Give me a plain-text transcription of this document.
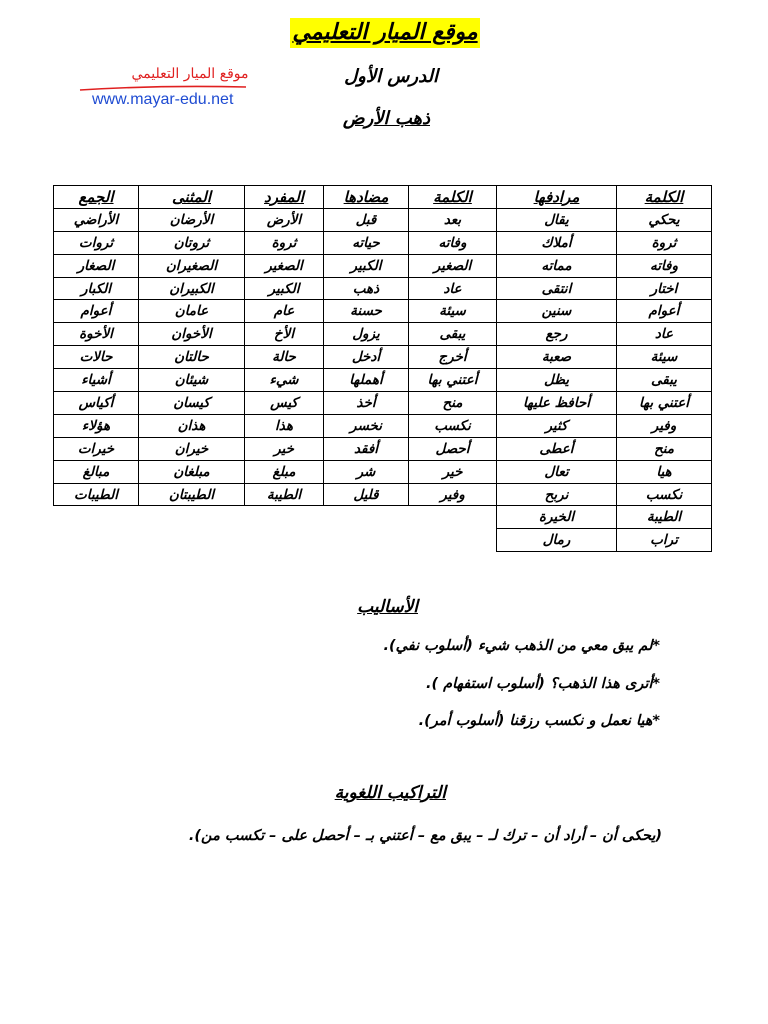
موقع الميار التعليمي
موقع الميار التعليمي
www.mayar-edu.net
الدرس الأول
ذهب الأرض
الكلمة	مرادفها	الكلمة	مضادها	المفرد	المثنى	الجمع
يحكي	يقال	بعد	قبل	الأرض	الأرضان	الأراضي
ثروة	أملاك	وفاته	حياته	ثروة	ثروتان	ثروات
وفاته	مماته	الصغير	الكبير	الصغير	الصغيران	الصغار
اختار	انتقى	عاد	ذهب	الكبير	الكبيران	الكبار
أعوام	سنين	سيئة	حسنة	عام	عامان	أعوام
عاد	رجع	يبقى	يزول	الأخ	الأخوان	الأخوة
سيئة	صعبة	أخرج	أدخل	حالة	حالتان	حالات
يبقى	يظل	أعتني بها	أهملها	شيء	شيئان	أشياء
أعتني بها	أحافظ عليها	منح	أخذ	كيس	كيسان	أكياس
وفير	كثير	نكسب	نخسر	هذا	هذان	هؤلاء
منح	أعطى	أحصل	أفقد	خير	خيران	خيرات
هيا	تعال	خير	شر	مبلغ	مبلغان	مبالغ
نكسب	نربح	وفير	قليل	الطيبة	الطيبتان	الطيبات
الطيبة	الخيرة					
تراب	رمال					
الأساليب
*لم يبق معي من الذهب شيء (أسلوب نفي).
*أترى هذا الذهب؟ (أسلوب استفهام ).
*هيا نعمل و نكسب رزقنا (أسلوب أمر).
التراكيب اللغوية
(يحكى أن – أراد أن – ترك لـ – يبق مع – أعتني بـ – أحصل على – تكسب من).
